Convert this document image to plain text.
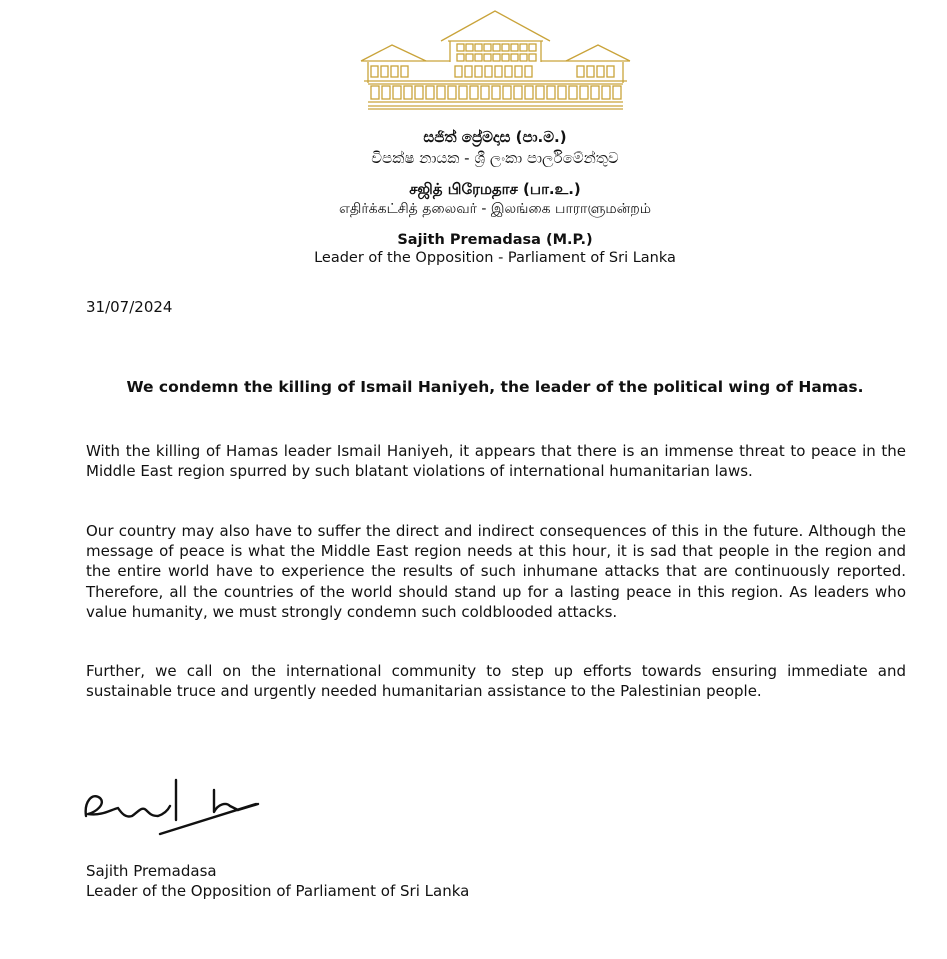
සජිත් ප්‍රේමදාස (පා.ම.)
විපක්ෂ නායක - ශ්‍රී ලංකා පාර්ලිමේන්තුව
சஜித் பிரேமதாச (பா.உ.)
எதிர்க்கட்சித் தலைவர் - இலங்கை பாராளுமன்றம்
Sajith Premadasa (M.P.)
Leader of the Opposition - Parliament of Sri Lanka
31/07/2024
We condemn the killing of Ismail Haniyeh, the leader of the political wing of Hamas.

With the killing of Hamas leader Ismail Haniyeh, it appears that there is an immense threat to peace in the Middle East region spurred by such blatant violations of international humanitarian laws.

Our country may also have to suffer the direct and indirect consequences of this in the future. Although the message of peace is what the Middle East region needs at this hour, it is sad that people in the region and the entire world have to experience the results of such inhumane attacks that are continuously reported. Therefore, all the countries of the world should stand up for a lasting peace in this region. As leaders who value humanity, we must strongly condemn such coldblooded attacks.

Further, we call on the international community to step up efforts towards ensuring immediate and sustainable truce and urgently needed humanitarian assistance to the Palestinian people.

Sajith Premadasa
Leader of the Opposition of Parliament of Sri Lanka
